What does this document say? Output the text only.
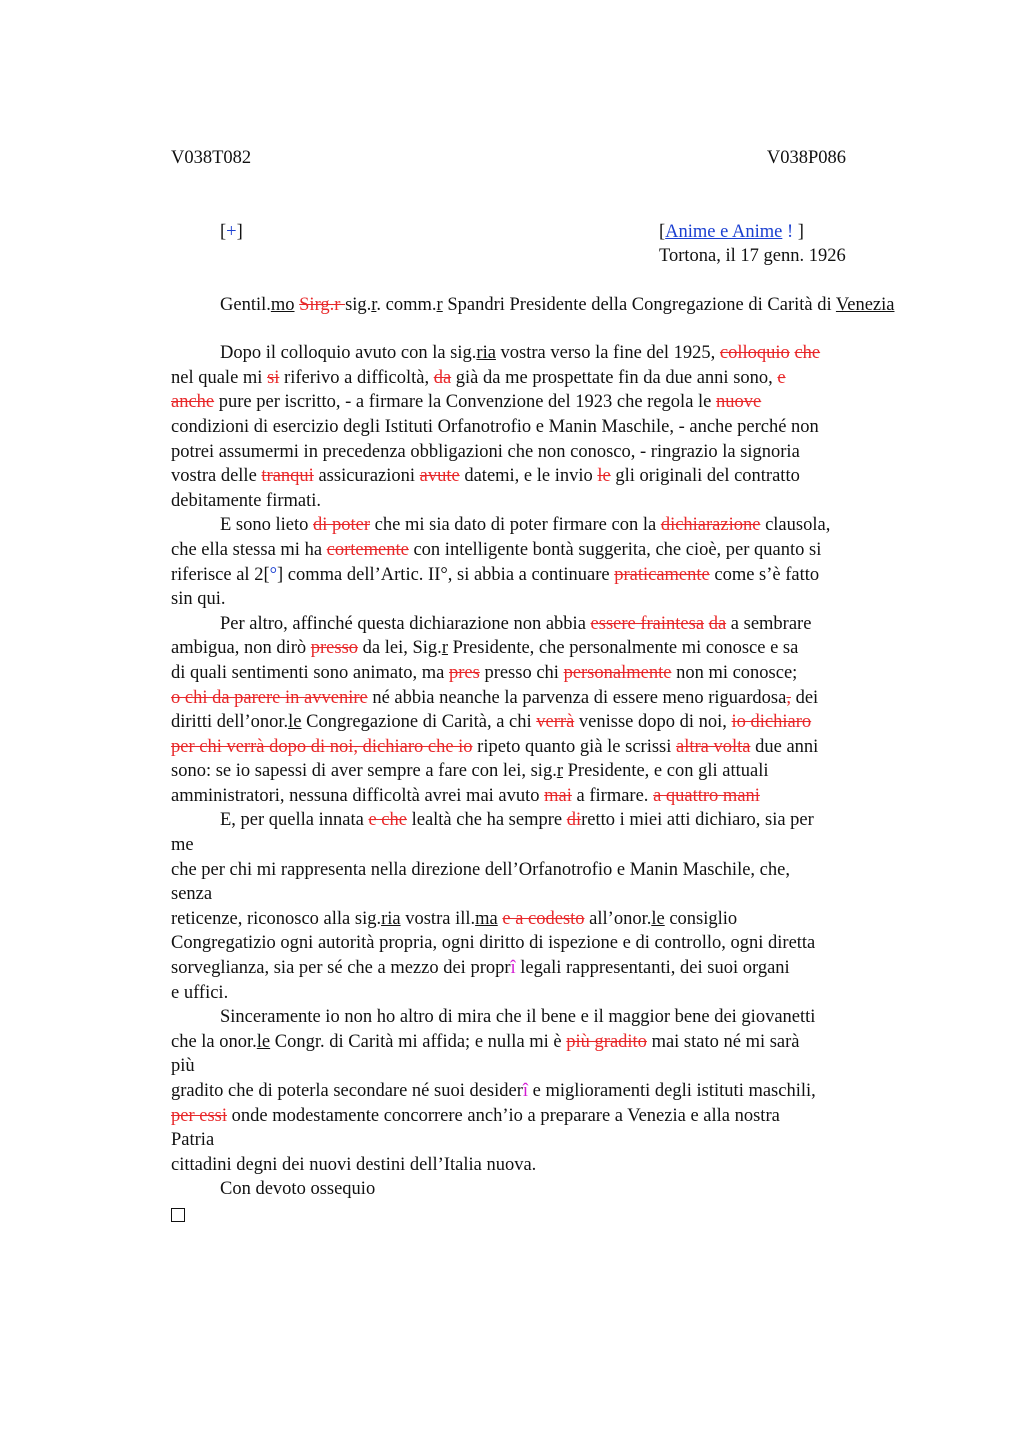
V038T082	V038P086
[+]	[Anime e Anime ! ]
Tortona, il 17 genn. 1926

Gentil.mo Sirg.r sig.r. comm.r Spandri Presidente della Congregazione di Carità di Venezia

Dopo il colloquio avuto con la sig.ria vostra verso la fine del 1925, colloquio che
nel quale mi si riferivo a difficoltà, da già da me prospettate fin da due anni sono, e
anche pure per iscritto, - a firmare la Convenzione del 1923 che regola le nuove
condizioni di esercizio degli Istituti Orfanotrofio e Manin Maschile, - anche perché non
potrei assumermi in precedenza obbligazioni che non conosco, - ringrazio la signoria
vostra delle tranqui assicurazioni avute datemi, e le invio le gli originali del contratto
debitamente firmati.

E sono lieto di poter che mi sia dato di poter firmare con la dichiarazione clausola,
che ella stessa mi ha cortemente con intelligente bontà suggerita, che cioè, per quanto si
riferisce al 2[°] comma dell’Artic. II°, si abbia a continuare praticamente come s’è fatto
sin qui.

Per altro, affinché questa dichiarazione non abbia essere fraintesa da a sembrare
ambigua, non dirò presso da lei, Sig.r Presidente, che personalmente mi conosce e sa
di quali sentimenti sono animato, ma pres presso chi personalmente non mi conosce;
o chi da parere in avvenire né abbia neanche la parvenza di essere meno riguardosa, dei
diritti dell’onor.le Congregazione di Carità, a chi verrà venisse dopo di noi, io dichiaro
per chi verrà dopo di noi, dichiaro che io ripeto quanto già le scrissi altra volta due anni
sono: se io sapessi di aver sempre a fare con lei, sig.r Presidente, e con gli attuali
amministratori, nessuna difficoltà avrei mai avuto mai a firmare. a quattro mani

E, per quella innata e che lealtà che ha sempre diretto i miei atti dichiaro, sia per
me
che per chi mi rappresenta nella direzione dell’Orfanotrofio e Manin Maschile, che,
senza
reticenze, riconosco alla sig.ria vostra ill.ma e a codesto all’onor.le consiglio
Congregatizio ogni autorità propria, ogni diritto di ispezione e di controllo, ogni diretta
sorveglianza, sia per sé che a mezzo dei proprî legali rappresentanti, dei suoi organi
e uffici.

Sinceramente io non ho altro di mira che il bene e il maggior bene dei giovanetti
che la onor.le Congr. di Carità mi affida; e nulla mi è più gradito mai stato né mi sarà
più
gradito che di poterla secondare né suoi desiderî e miglioramenti degli istituti maschili,
per essi onde modestamente concorrere anch’io a preparare a Venezia e alla nostra
Patria
cittadini degni dei nuovi destini dell’Italia nuova.

Con devoto ossequio
